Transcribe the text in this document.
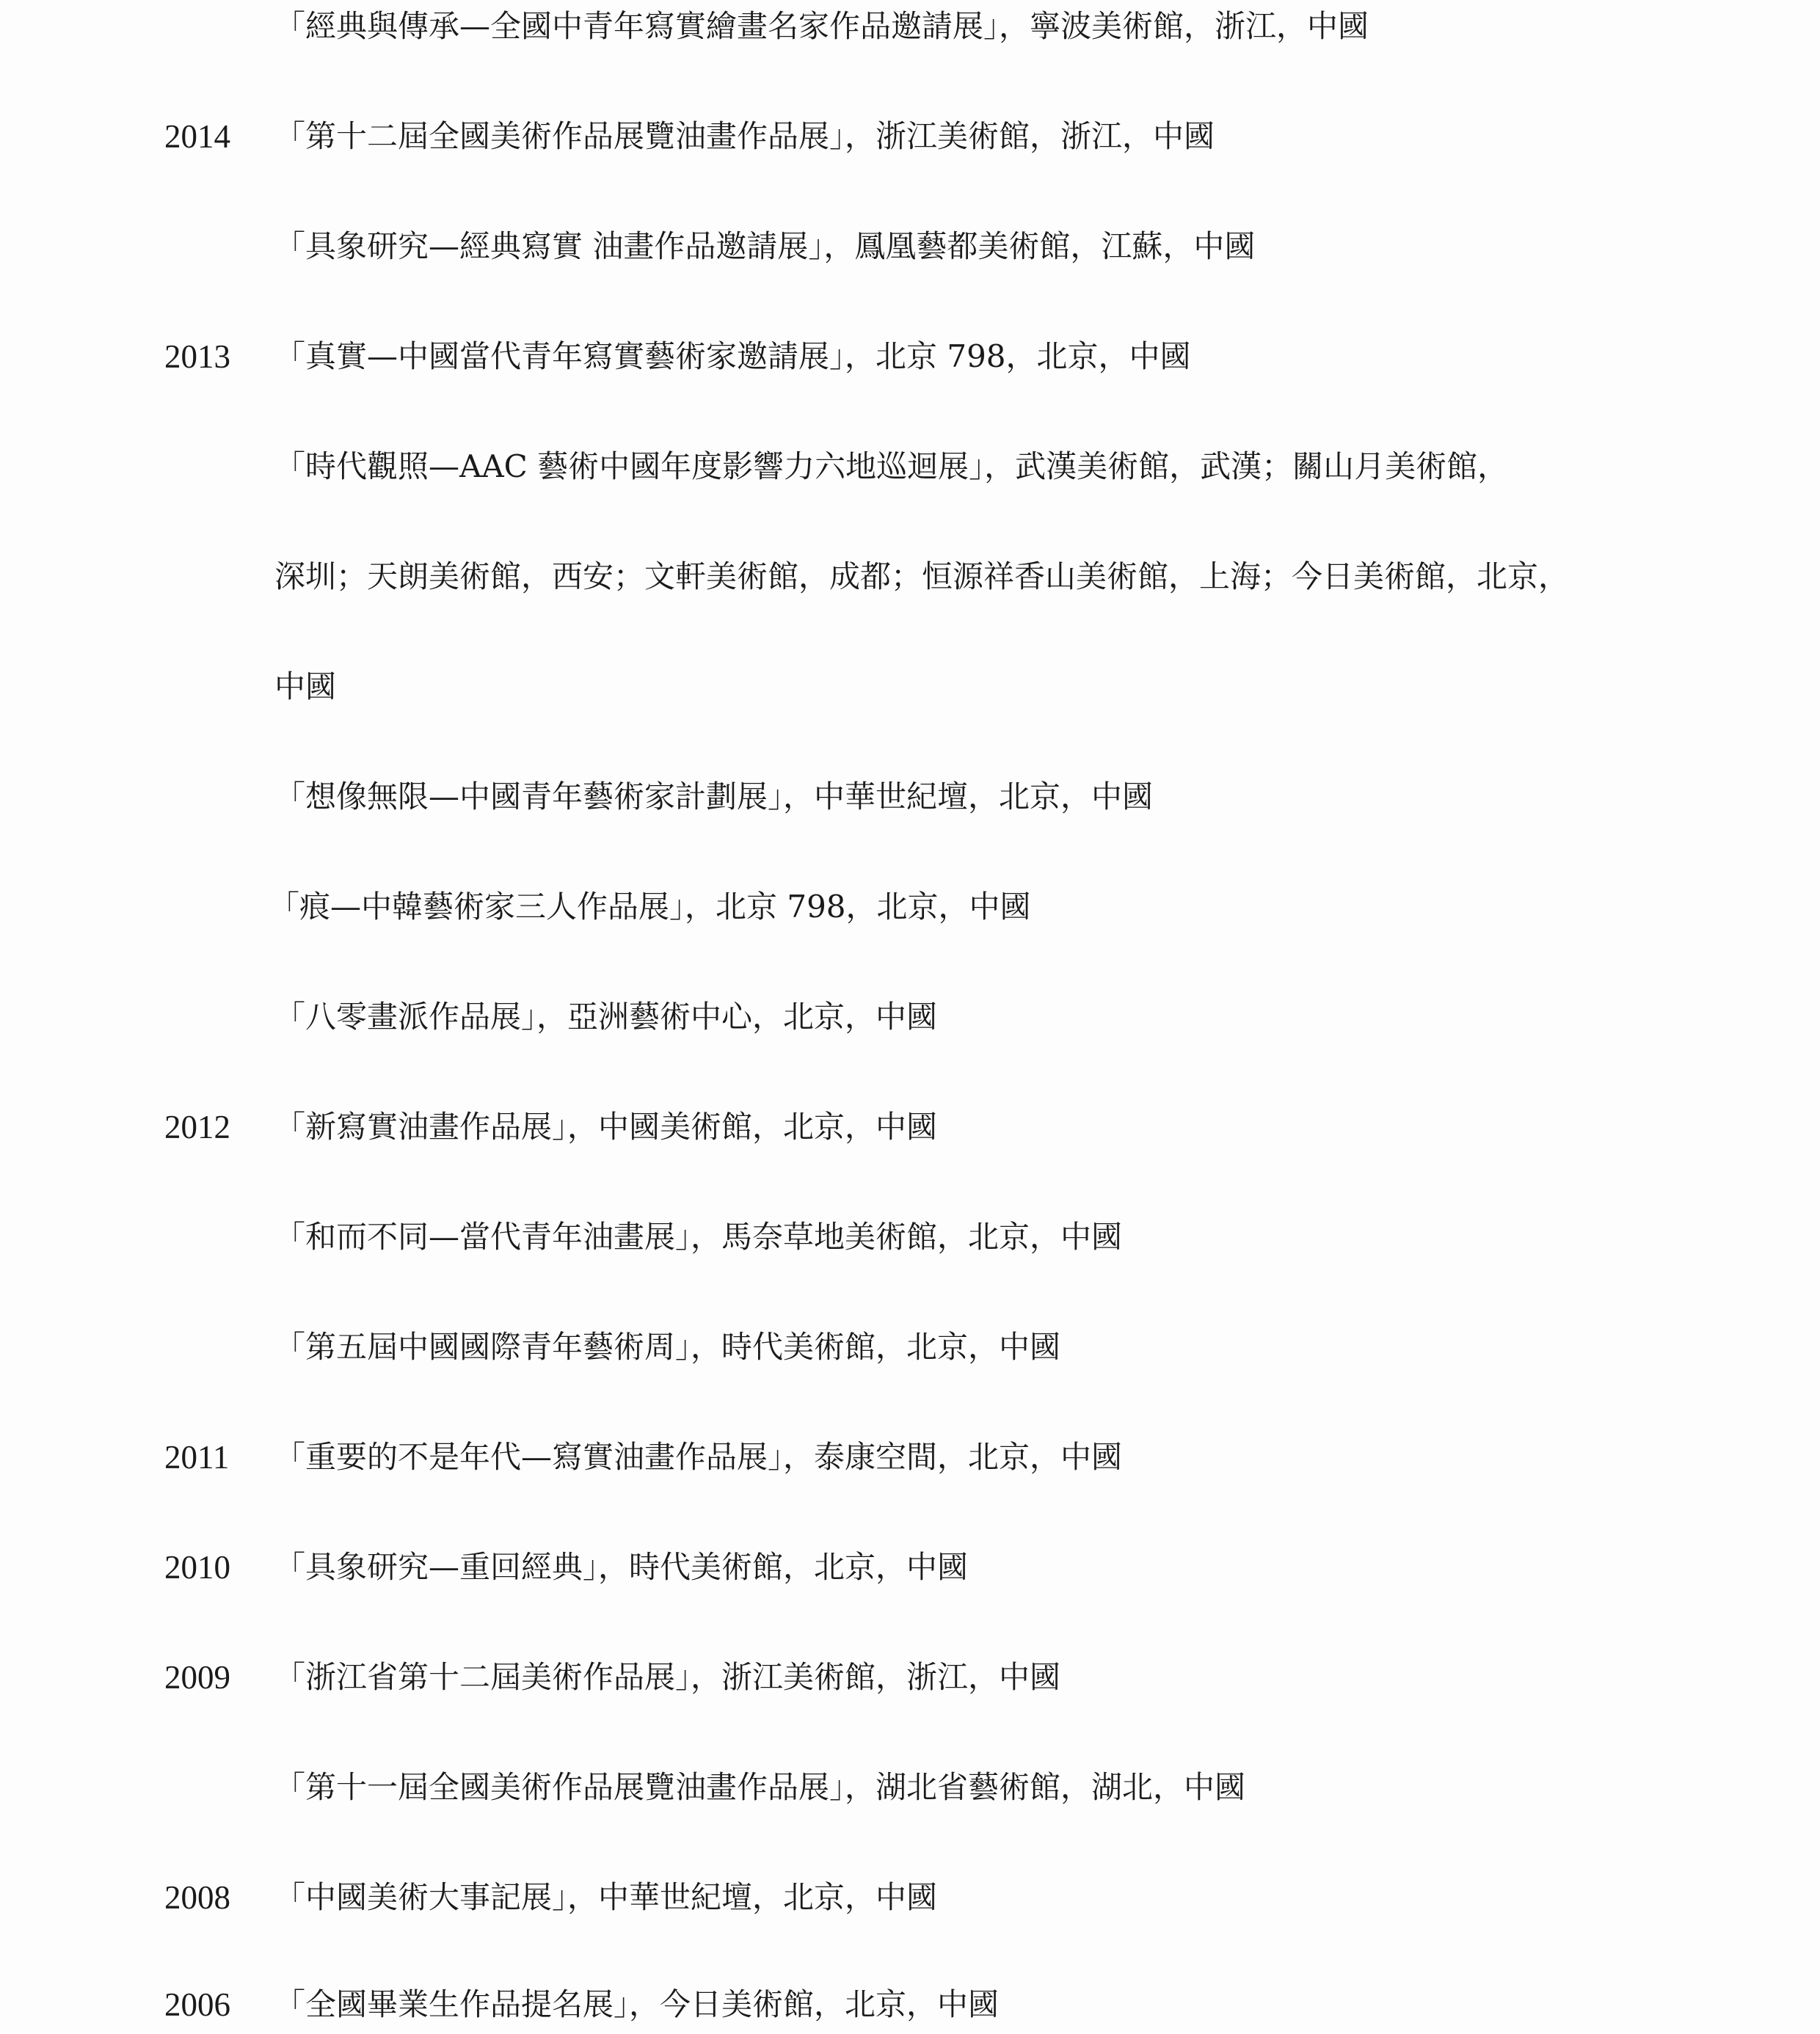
「經典與傳承—全國中青年寫實繪畫名家作品邀請展」，寧波美術館，浙江，中國
2014 「第十二屆全國美術作品展覽油畫作品展」，浙江美術館，浙江，中國
「具象研究—經典寫實 油畫作品邀請展」，鳳凰藝都美術館，江蘇，中國
2013 「真實—中國當代青年寫實藝術家邀請展」，北京 798，北京，中國
「時代觀照—AAC 藝術中國年度影響力六地巡迴展」，武漢美術館，武漢；關山月美術館，
深圳；天朗美術館，西安；文軒美術館，成都；恒源祥香山美術館，上海；今日美術館，北京，
中國
「想像無限—中國青年藝術家計劃展」，中華世紀壇，北京，中國
「痕—中韓藝術家三人作品展」，北京 798，北京，中國
「八零畫派作品展」，亞洲藝術中心，北京，中國
2012 「新寫實油畫作品展」，中國美術館，北京，中國
「和而不同—當代青年油畫展」，馬奈草地美術館，北京，中國
「第五屆中國國際青年藝術周」，時代美術館，北京，中國
2011 「重要的不是年代—寫實油畫作品展」，泰康空間，北京，中國
2010 「具象研究—重回經典」，時代美術館，北京，中國
2009 「浙江省第十二屆美術作品展」，浙江美術館，浙江，中國
「第十一屆全國美術作品展覽油畫作品展」，湖北省藝術館，湖北，中國
2008 「中國美術大事記展」，中華世紀壇，北京，中國
2006 「全國畢業生作品提名展」，今日美術館，北京，中國
